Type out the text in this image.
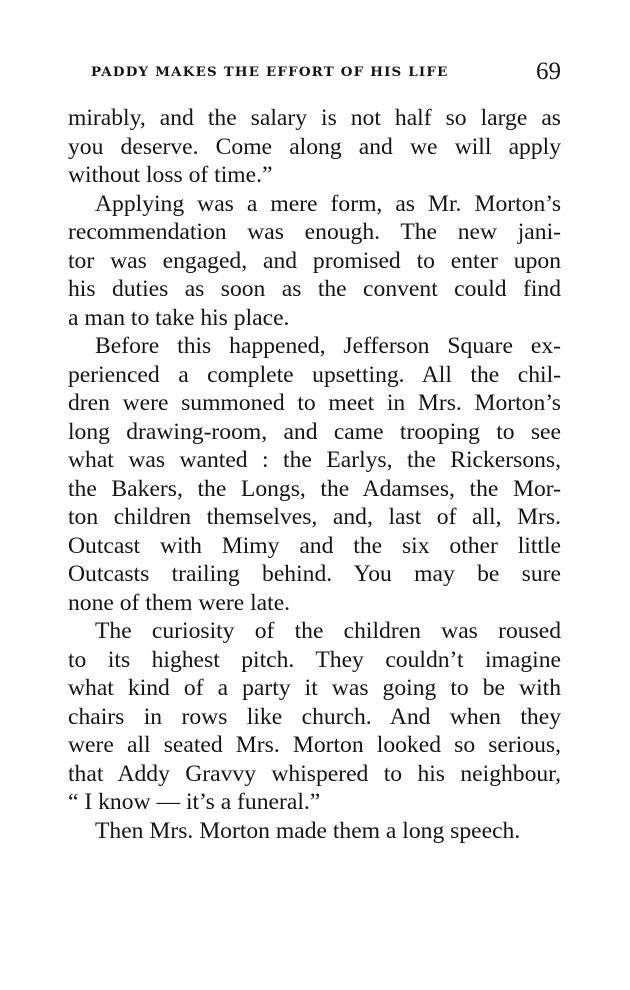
PADDY MAKES THE EFFORT OF HIS LIFE	69
mirably, and the salary is not half so large as
you deserve. Come along and we will apply
without loss of time.”
Applying was a mere form, as Mr. Morton’s
recommendation was enough. The new jani-
tor was engaged, and promised to enter upon
his duties as soon as the convent could find
a man to take his place.
Before this happened, Jefferson Square ex-
perienced a complete upsetting. All the chil-
dren were summoned to meet in Mrs. Morton’s
long drawing-room, and came trooping to see
what was wanted : the Earlys, the Rickersons,
the Bakers, the Longs, the Adamses, the Mor-
ton children themselves, and, last of all, Mrs.
Outcast with Mimy and the six other little
Outcasts trailing behind. You may be sure
none of them were late.
The curiosity of the children was roused
to its highest pitch. They couldn’t imagine
what kind of a party it was going to be with
chairs in rows like church. And when they
were all seated Mrs. Morton looked so serious,
that Addy Gravvy whispered to his neighbour,
“ I know — it’s a funeral.”
Then Mrs. Morton made them a long speech.
